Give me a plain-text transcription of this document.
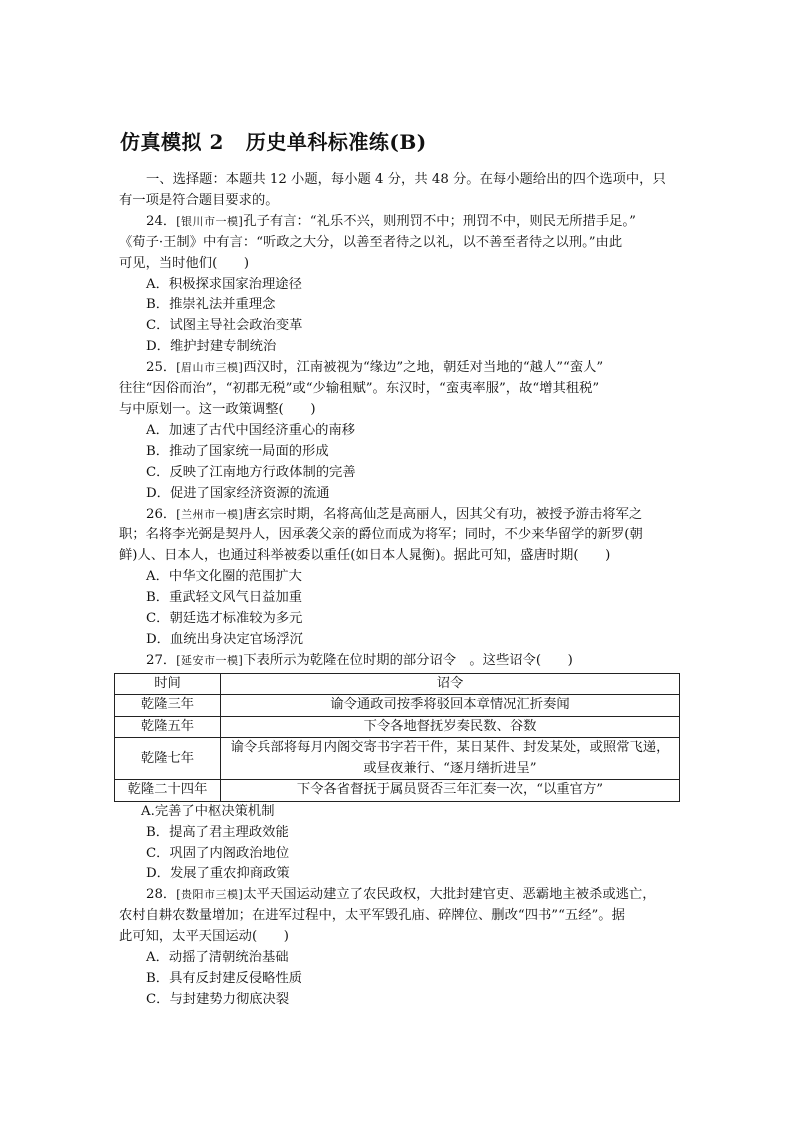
仿真模拟 2 历史单科标准练(B)
一、选择题：本题共 12 小题，每小题 4 分，共 48 分。在每小题给出的四个选项中，只
有一项是符合题目要求的。
24．[银川市一模]孔子有言：“礼乐不兴，则刑罚不中；刑罚不中，则民无所措手足。”
《荀子·王制》中有言：“听政之大分，以善至者待之以礼，以不善至者待之以刑。”由此
可见，当时他们(　　)
A．积极探求国家治理途径
B．推崇礼法并重理念
C．试图主导社会政治变革
D．维护封建专制统治
25．[眉山市三模]西汉时，江南被视为“缘边”之地，朝廷对当地的“越人”“蛮人”
往往“因俗而治”，“初郡无税”或“少输租赋”。东汉时，“蛮夷率服”，故“增其租税”
与中原划一。这一政策调整(　　)
A．加速了古代中国经济重心的南移
B．推动了国家统一局面的形成
C．反映了江南地方行政体制的完善
D．促进了国家经济资源的流通
26．[兰州市一模]唐玄宗时期，名将高仙芝是高丽人，因其父有功，被授予游击将军之
职；名将李光弼是契丹人，因承袭父亲的爵位而成为将军；同时，不少来华留学的新罗(朝
鲜)人、日本人，也通过科举被委以重任(如日本人晁衡)。据此可知，盛唐时期(　　)
A．中华文化圈的范围扩大
B．重武轻文风气日益加重
C．朝廷选才标准较为多元
D．血统出身决定官场浮沉
27．[延安市一模]下表所示为乾隆在位时期的部分诏令　。这些诏令(　　)
时间	诏令
乾隆三年	谕令通政司按季将驳回本章情况汇折奏闻
乾隆五年	下令各地督抚岁奏民数、谷数
乾隆七年	谕令兵部将每月内阁交寄书字若干件，某日某件、封发某处，或照常飞递，或昼夜兼行、“逐月缮折进呈”
乾隆二十四年	下令各省督抚于属员贤否三年汇奏一次，“以重官方”
A.完善了中枢决策机制
B．提高了君主理政效能
C．巩固了内阁政治地位
D．发展了重农抑商政策
28．[贵阳市三模]太平天国运动建立了农民政权，大批封建官吏、恶霸地主被杀或逃亡，
农村自耕农数量增加；在进军过程中，太平军毁孔庙、碎牌位、删改“四书”“五经”。据
此可知，太平天国运动(　　)
A．动摇了清朝统治基础
B．具有反封建反侵略性质
C．与封建势力彻底决裂
